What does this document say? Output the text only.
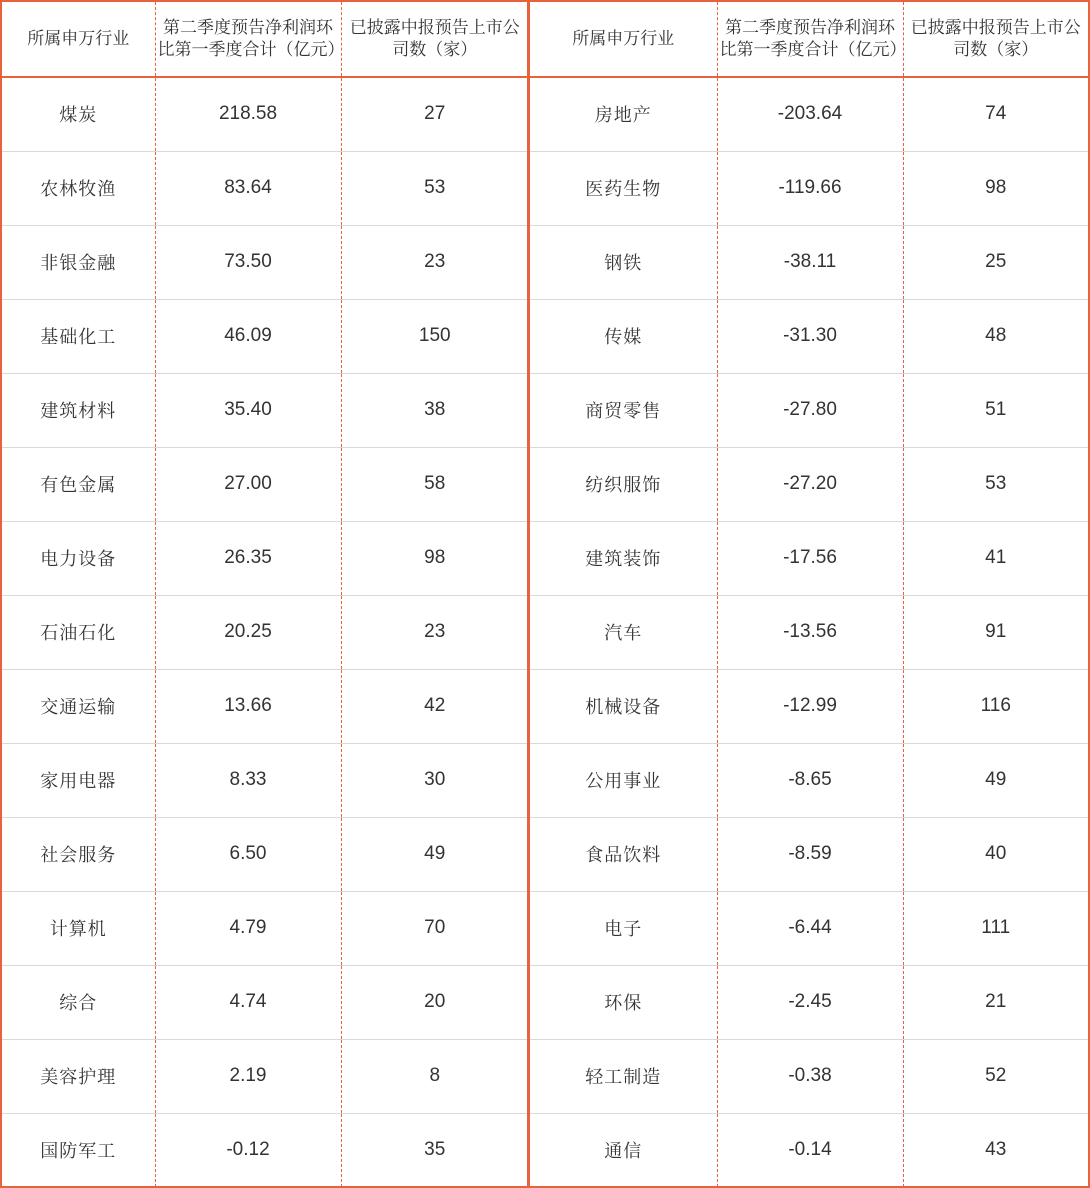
所属申万行业	第二季度预告净利润环比第一季度合计（亿元）	已披露中报预告上市公司数（家）
煤炭	218.58	27
农林牧渔	83.64	53
非银金融	73.50	23
基础化工	46.09	150
建筑材料	35.40	38
有色金属	27.00	58
电力设备	26.35	98
石油石化	20.25	23
交通运输	13.66	42
家用电器	8.33	30
社会服务	6.50	49
计算机	4.79	70
综合	4.74	20
美容护理	2.19	8
国防军工	-0.12	35
所属申万行业	第二季度预告净利润环比第一季度合计（亿元）	已披露中报预告上市公司数（家）
房地产	-203.64	74
医药生物	-119.66	98
钢铁	-38.11	25
传媒	-31.30	48
商贸零售	-27.80	51
纺织服饰	-27.20	53
建筑装饰	-17.56	41
汽车	-13.56	91
机械设备	-12.99	116
公用事业	-8.65	49
食品饮料	-8.59	40
电子	-6.44	111
环保	-2.45	21
轻工制造	-0.38	52
通信	-0.14	43
